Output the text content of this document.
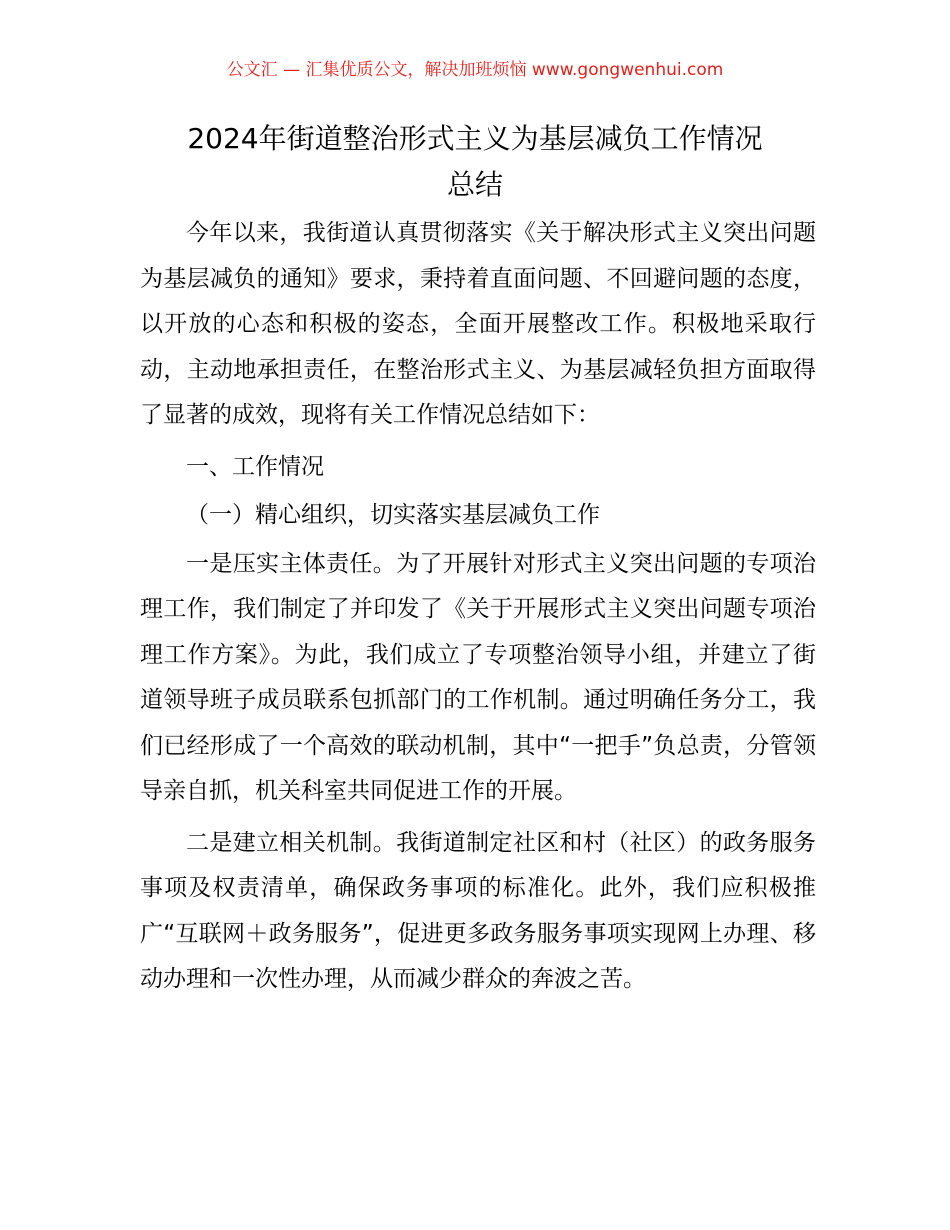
公文汇 — 汇集优质公文，解决加班烦恼 www.gongwenhui.com
2024年街道整治形式主义为基层减负工作情况
总结

今年以来，我街道认真贯彻落实《关于解决形式主义突出问题为基层减负的通知》要求，秉持着直面问题、不回避问题的态度，以开放的心态和积极的姿态，全面开展整改工作。积极地采取行动，主动地承担责任，在整治形式主义、为基层减轻负担方面取得了显著的成效，现将有关工作情况总结如下：

一、工作情况

（一）精心组织，切实落实基层减负工作

一是压实主体责任。为了开展针对形式主义突出问题的专项治理工作，我们制定了并印发了《关于开展形式主义突出问题专项治理工作方案》。为此，我们成立了专项整治领导小组，并建立了街道领导班子成员联系包抓部门的工作机制。通过明确任务分工，我们已经形成了一个高效的联动机制，其中“一把手”负总责，分管领导亲自抓，机关科室共同促进工作的开展。

二是建立相关机制。我街道制定社区和村（社区）的政务服务事项及权责清单，确保政务事项的标准化。此外，我们应积极推广“互联网＋政务服务”，促进更多政务服务事项实现网上办理、移动办理和一次性办理，从而减少群众的奔波之苦。
